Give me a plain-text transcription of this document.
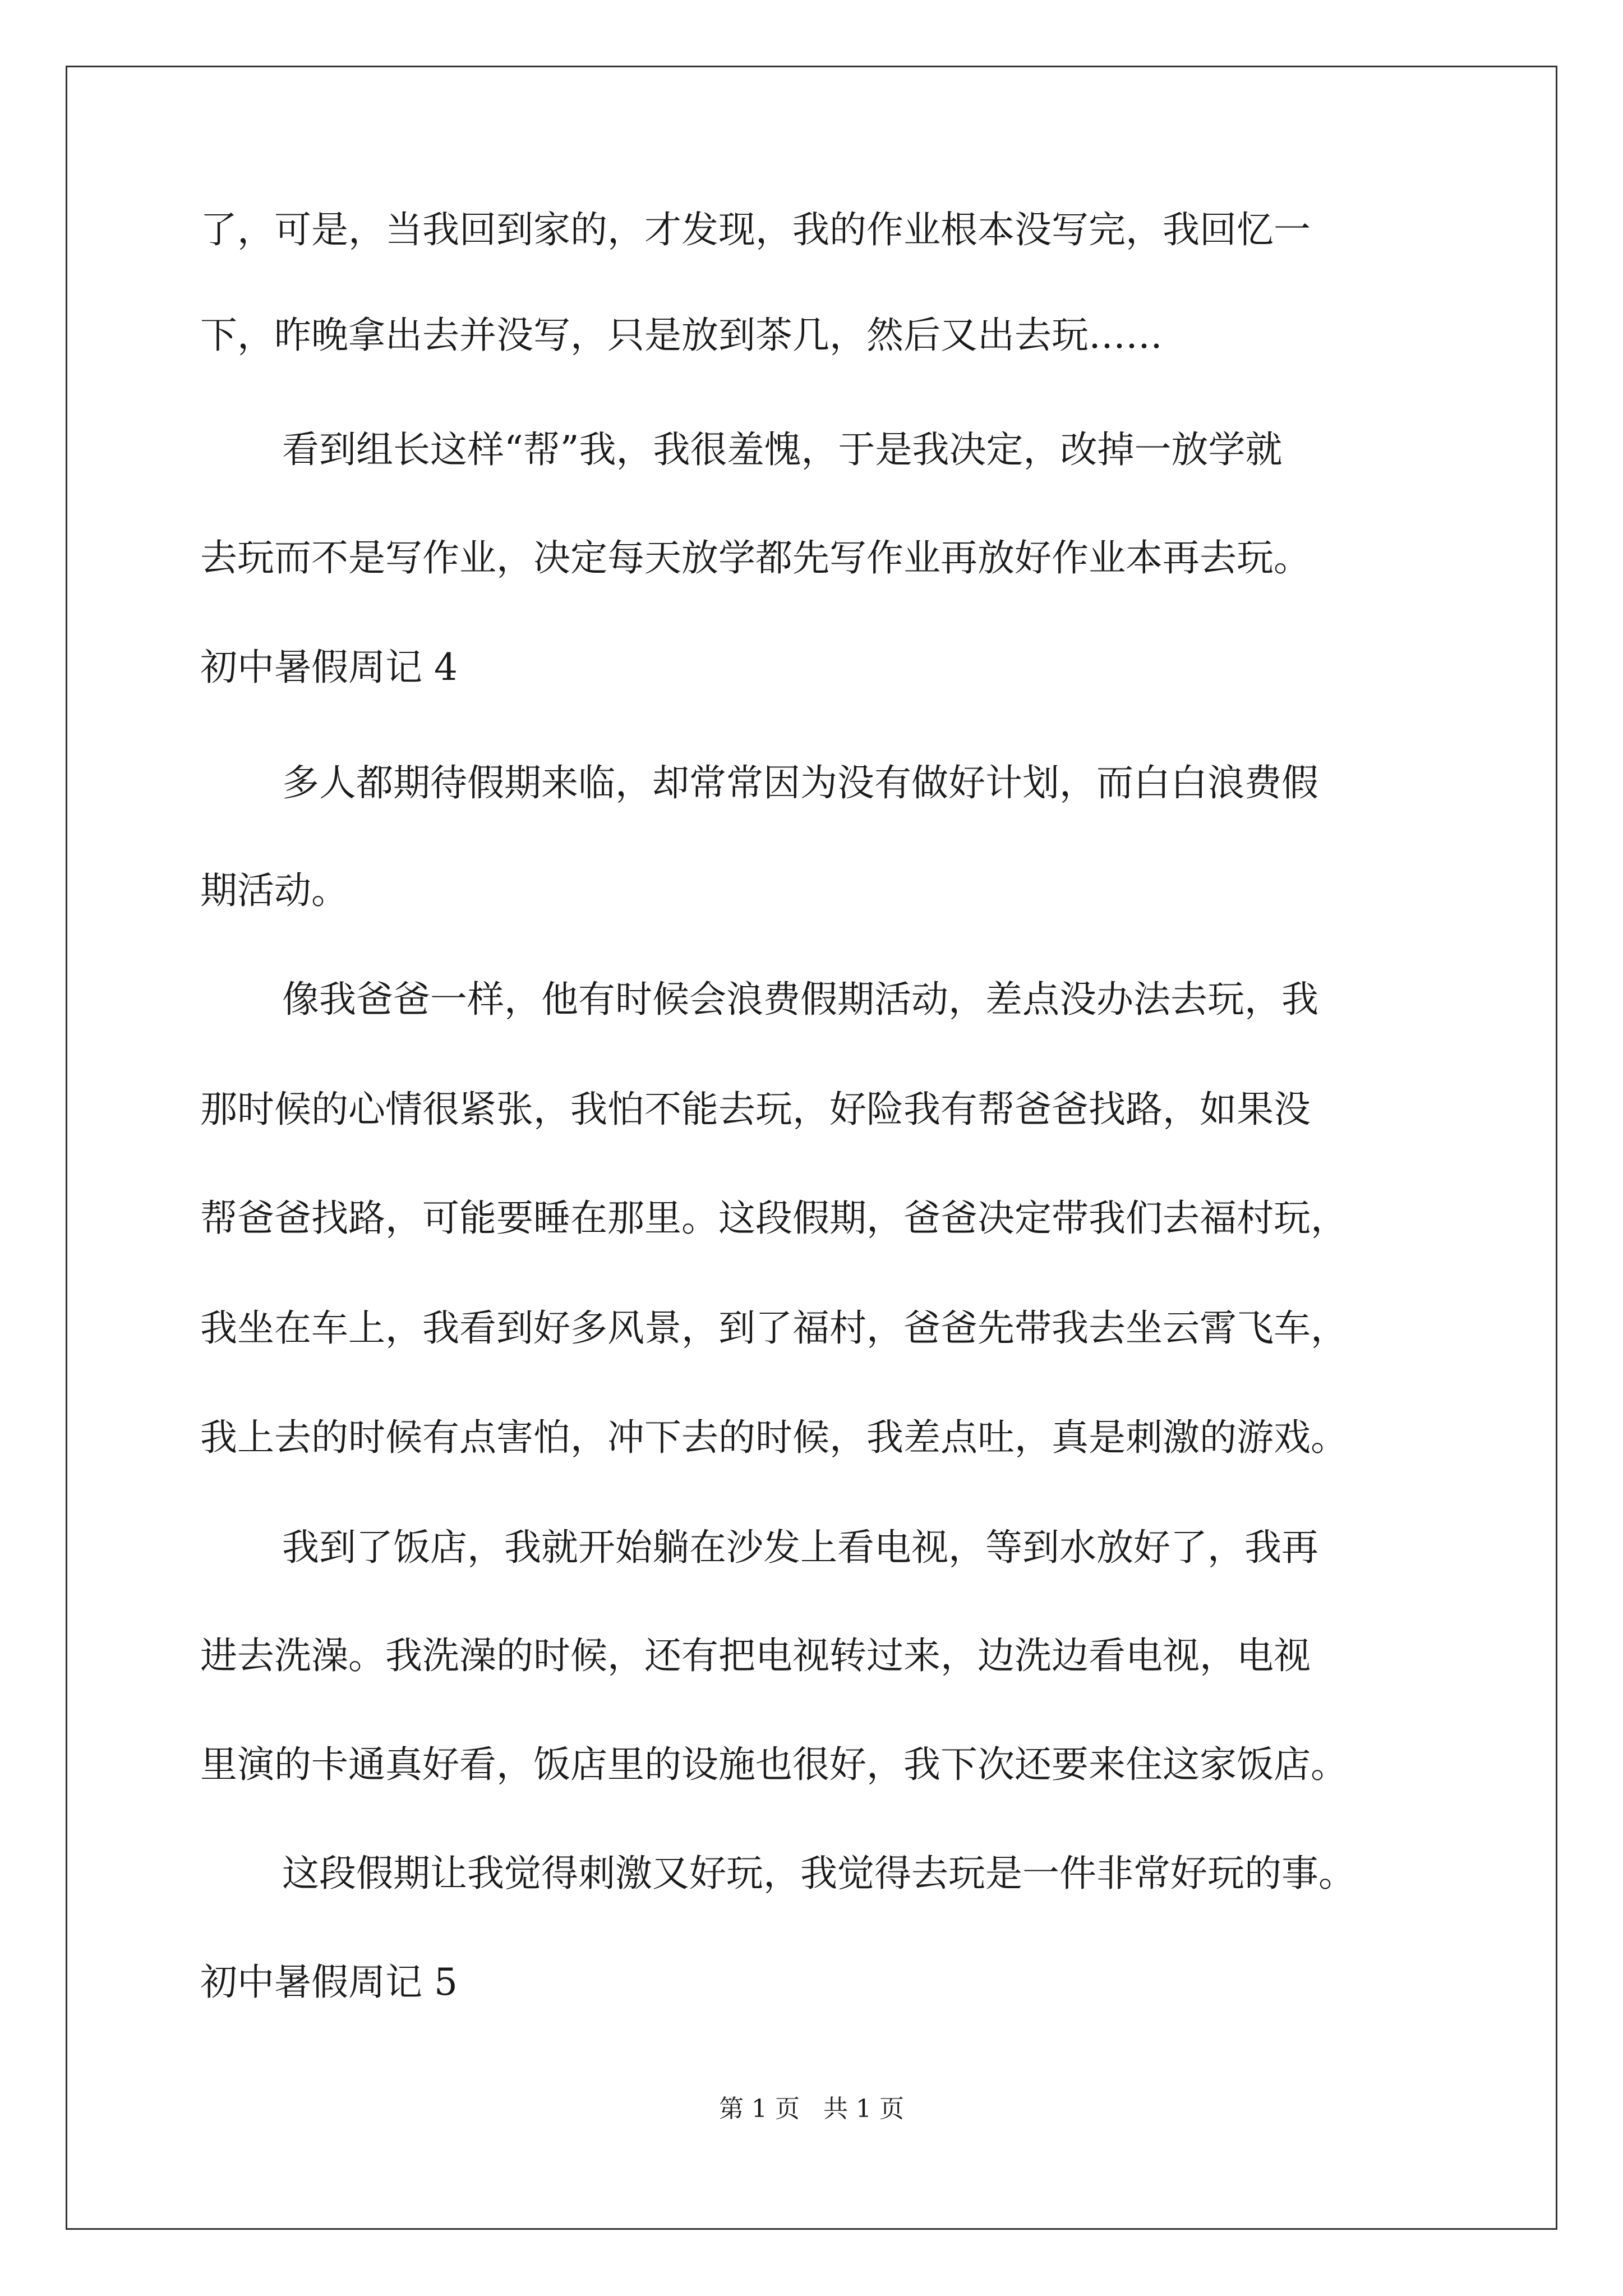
了，可是，当我回到家的，才发现，我的作业根本没写完，我回忆一
下，昨晚拿出去并没写，只是放到茶几，然后又出去玩……
看到组长这样“帮”我，我很羞愧，于是我决定，改掉一放学就
去玩而不是写作业，决定每天放学都先写作业再放好作业本再去玩。
初中暑假周记 4
多人都期待假期来临，却常常因为没有做好计划，而白白浪费假
期活动。
像我爸爸一样，他有时候会浪费假期活动，差点没办法去玩，我
那时候的心情很紧张，我怕不能去玩，好险我有帮爸爸找路，如果没
帮爸爸找路，可能要睡在那里。这段假期，爸爸决定带我们去福村玩，
我坐在车上，我看到好多风景，到了福村，爸爸先带我去坐云霄飞车，
我上去的时候有点害怕，冲下去的时候，我差点吐，真是刺激的游戏。
我到了饭店，我就开始躺在沙发上看电视，等到水放好了，我再
进去洗澡。我洗澡的时候，还有把电视转过来，边洗边看电视，电视
里演的卡通真好看，饭店里的设施也很好，我下次还要来住这家饭店。
这段假期让我觉得刺激又好玩，我觉得去玩是一件非常好玩的事。
初中暑假周记 5
第 1 页   共 1 页
